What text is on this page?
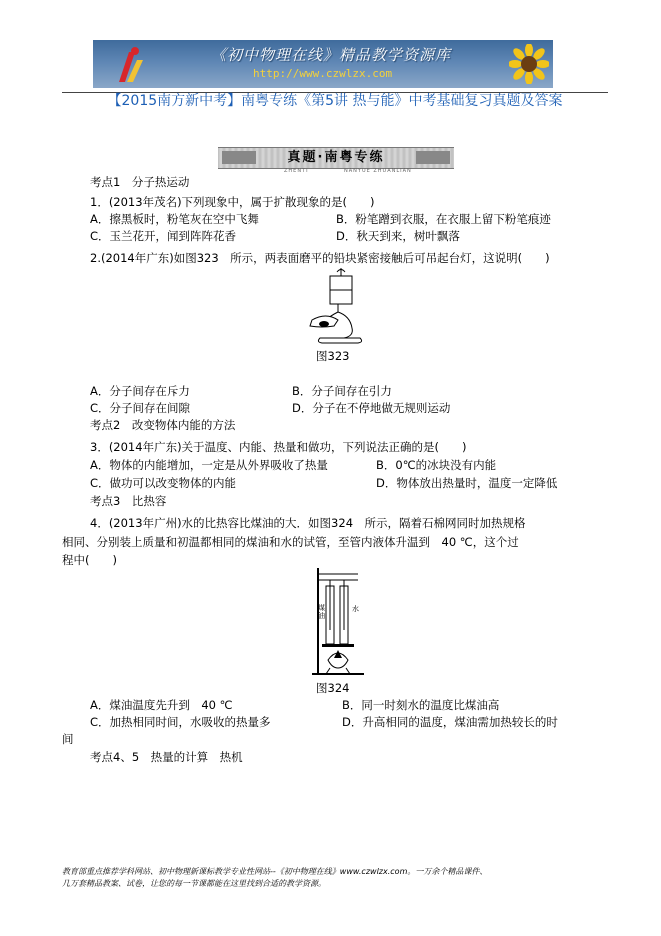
《初中物理在线》精品教学资源库
http://www.czwlzx.com
【2015南方新中考】南粤专练《第5讲 热与能》中考基础复习真题及答案
真题·南粤专练
ZHENTI	NANYUE ZHUANLIAN
考点1　分子热运动
1．(2013年茂名)下列现象中，属于扩散现象的是(　　)
A．擦黑板时，粉笔灰在空中飞舞	B．粉笔蹭到衣服，在衣服上留下粉笔痕迹
C．玉兰花开，闻到阵阵花香	D．秋天到来，树叶飘落
2.(2014年广东)如图323　所示，两表面磨平的铅块紧密接触后可吊起台灯，这说明(　　)
图323
A．分子间存在斥力	B．分子间存在引力
C．分子间存在间隙	D．分子在不停地做无规则运动
考点2　改变物体内能的方法
3．(2014年广东)关于温度、内能、热量和做功，下列说法正确的是(　　)
A．物体的内能增加，一定是从外界吸收了热量	B．0℃的冰块没有内能
C．做功可以改变物体的内能	D．物体放出热量时，温度一定降低
考点3　比热容
4．(2013年广州)水的比热容比煤油的大．如图324　所示，隔着石棉网同时加热规格
相同、分别装上质量和初温都相同的煤油和水的试管，至管内液体升温到　40 ℃，这个过
程中(　　)
煤油
水
图324
A．煤油温度先升到　40 ℃	B．同一时刻水的温度比煤油高
C．加热相同时间，水吸收的热量多	D．升高相同的温度，煤油需加热较长的时
间
考点4、5　热量的计算　热机
教育部重点推荐学科网站、初中物理新课标教学专业性网站--《初中物理在线》www.czwlzx.com。一万余个精品课件、
几万套精品教案、试卷，让您的每一节课都能在这里找到合适的教学资源。
